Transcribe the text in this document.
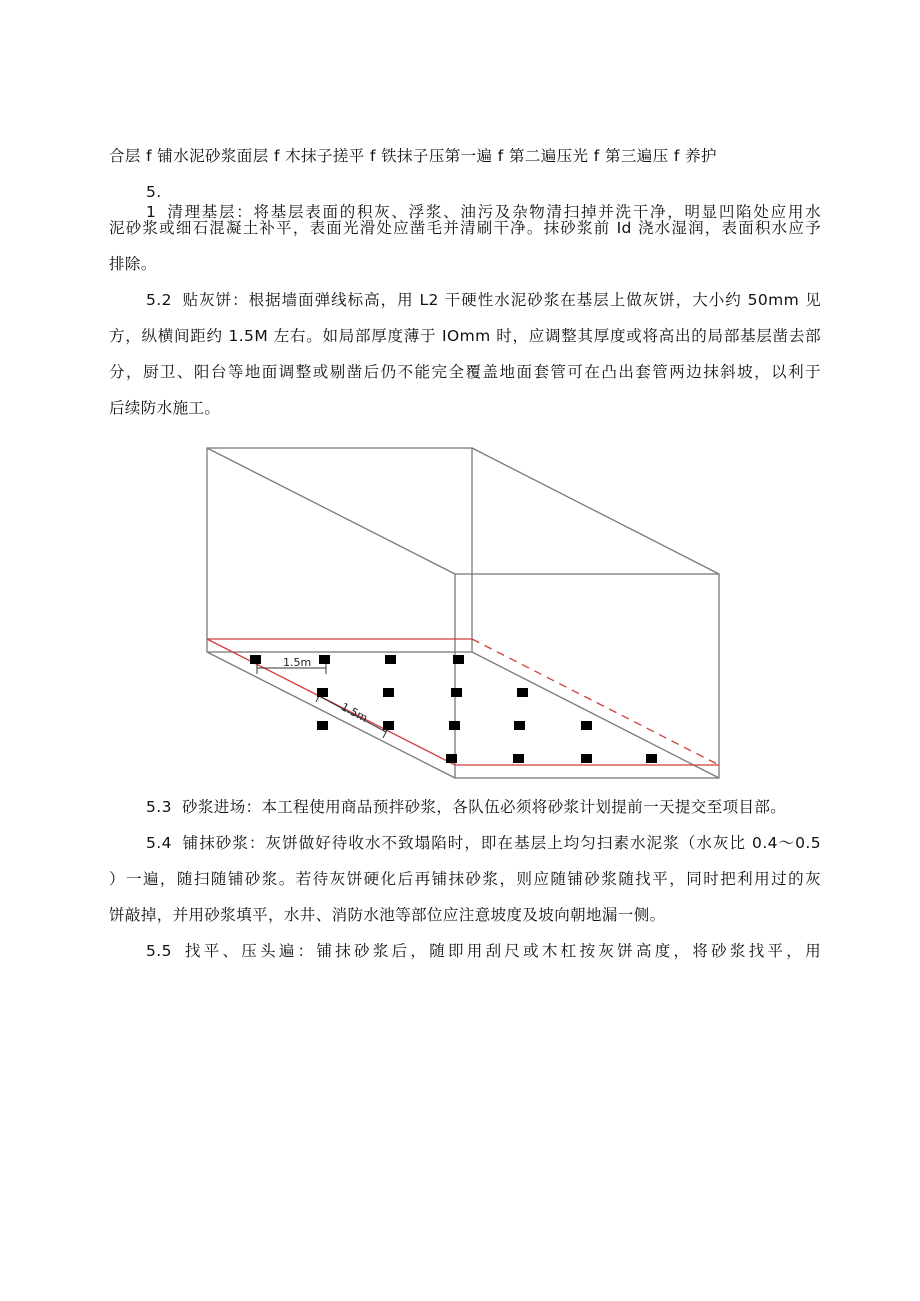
合层 f 铺水泥砂浆面层 f 木抹子搓平 f 铁抹子压第一遍 f 第二遍压光 f 第三遍压 f 养护
5. 1 清理基层：将基层表面的积灰、浮浆、油污及杂物清扫掉并洗干净，明显凹陷处应用水
泥砂浆或细石混凝土补平，表面光滑处应凿毛并清刷干净。抹砂浆前 Id 浇水湿润，表面积水应予
排除。
5.2 贴灰饼：根据墙面弹线标高，用 L2 干硬性水泥砂浆在基层上做灰饼，大小约 50mm 见
方，纵横间距约 1.5M 左右。如局部厚度薄于 IOmm 时，应调整其厚度或将高出的局部基层凿去部
分，厨卫、阳台等地面调整或剔凿后仍不能完全覆盖地面套管可在凸出套管两边抹斜坡，以利于
后续防水施工。
1.5m
1.5m
5.3 砂浆进场：本工程使用商品预拌砂浆，各队伍必须将砂浆计划提前一天提交至项目部。
5.4 铺抹砂浆：灰饼做好待收水不致塌陷时，即在基层上均匀扫素水泥浆（水灰比 0.4～0.5
）一遍，随扫随铺砂浆。若待灰饼硬化后再铺抹砂浆，则应随铺砂浆随找平，同时把利用过的灰
饼敲掉，并用砂浆填平，水井、消防水池等部位应注意坡度及坡向朝地漏一侧。
5.5 找平、压头遍：铺抹砂浆后，随即用刮尺或木杠按灰饼高度，将砂浆找平，用
